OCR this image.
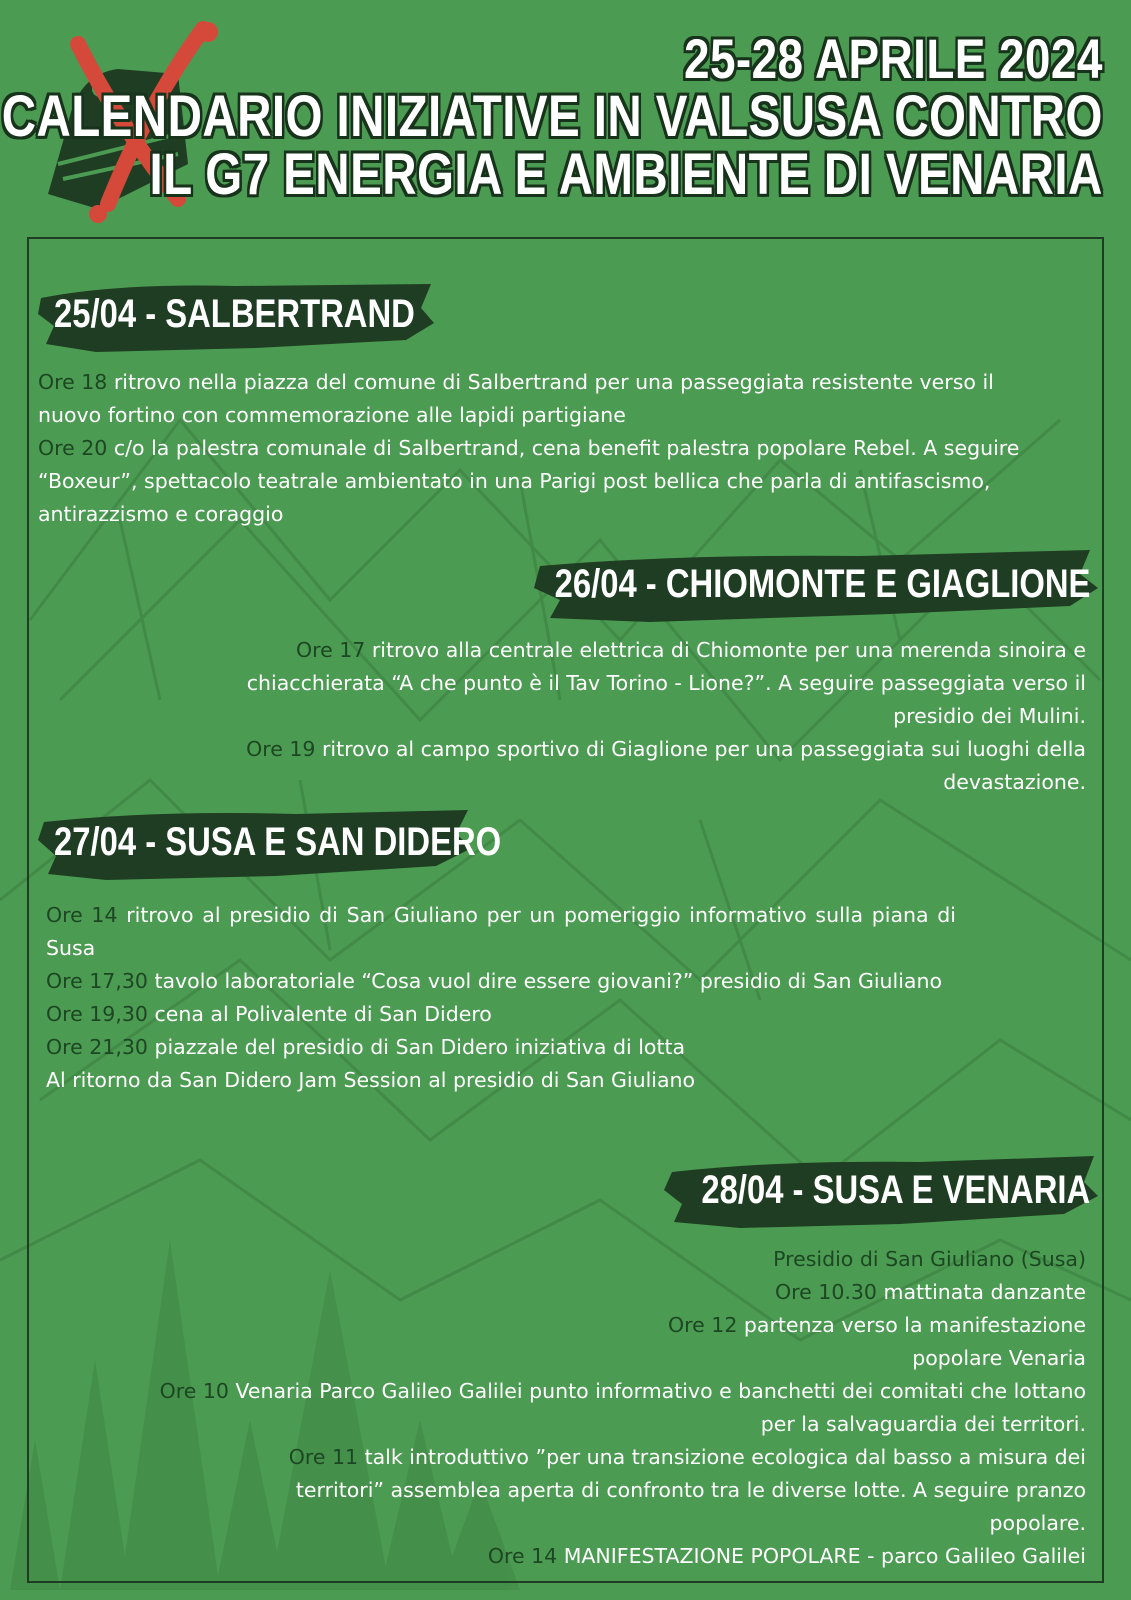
25-28 APRILE 2024
CALENDARIO INIZIATIVE IN VALSUSA CONTRO
IL G7 ENERGIA E AMBIENTE DI VENARIA
25/04 - SALBERTRAND

Ore 18 ritrovo nella piazza del comune di Salbertrand per una passeggiata resistente verso il nuovo fortino con commemorazione alle lapidi partigiane

Ore 20 c/o la palestra comunale di Salbertrand, cena benefit palestra popolare Rebel. A seguire “Boxeur”, spettacolo teatrale ambientato in una Parigi post bellica che parla di antifascismo, antirazzismo e coraggio

26/04 - CHIOMONTE E GIAGLIONE

Ore 17 ritrovo alla centrale elettrica di Chiomonte per una merenda sinoira e chiacchierata “A che punto è il Tav Torino - Lione?”. A seguire passeggiata verso il presidio dei Mulini.

Ore 19 ritrovo al campo sportivo di Giaglione per una passeggiata sui luoghi della devastazione.

27/04 - SUSA E SAN DIDERO

Ore 14 ritrovo al presidio di San Giuliano per un pomeriggio informativo sulla piana di Susa

Ore 17,30 tavolo laboratoriale “Cosa vuol dire essere giovani?” presidio di San Giuliano

Ore 19,30 cena al Polivalente di San Didero

Ore 21,30 piazzale del presidio di San Didero iniziativa di lotta

Al ritorno da San Didero Jam Session al presidio di San Giuliano

28/04 - SUSA E VENARIA

Presidio di San Giuliano (Susa)

Ore 10.30 mattinata danzante

Ore 12 partenza verso la manifestazione popolare Venaria

Ore 10 Venaria Parco Galileo Galilei punto informativo e banchetti dei comitati che lottano per la salvaguardia dei territori.

Ore 11 talk introduttivo ”per una transizione ecologica dal basso a misura dei territori” assemblea aperta di confronto tra le diverse lotte. A seguire pranzo popolare.

Ore 14 MANIFESTAZIONE POPOLARE - parco Galileo Galilei
